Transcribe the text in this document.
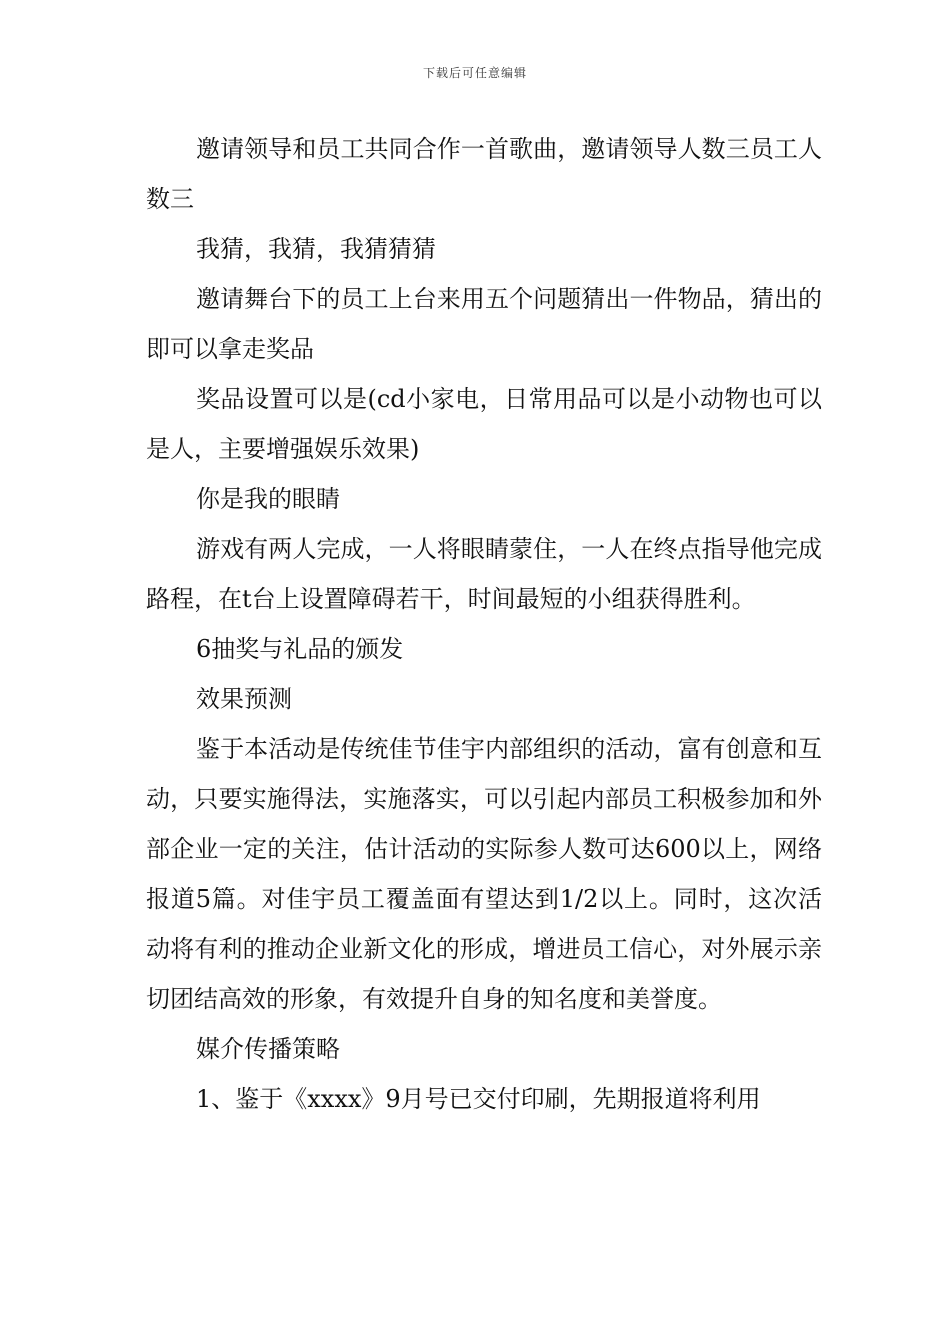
下载后可任意编辑

邀请领导和员工共同合作一首歌曲，邀请领导人数三员工人数三

我猜，我猜，我猜猜猜

邀请舞台下的员工上台来用五个问题猜出一件物品，猜出的即可以拿走奖品

奖品设置可以是(cd小家电，日常用品可以是小动物也可以是人，主要增强娱乐效果)

你是我的眼睛

游戏有两人完成，一人将眼睛蒙住，一人在终点指导他完成路程，在t台上设置障碍若干，时间最短的小组获得胜利。

6抽奖与礼品的颁发

效果预测

鉴于本活动是传统佳节佳宇内部组织的活动，富有创意和互动，只要实施得法，实施落实，可以引起内部员工积极参加和外部企业一定的关注，估计活动的实际参人数可达600以上，网络报道5篇。对佳宇员工覆盖面有望达到1/2以上。同时，这次活动将有利的推动企业新文化的形成，增进员工信心，对外展示亲切团结高效的形象，有效提升自身的知名度和美誉度。

媒介传播策略

1、鉴于《xxxx》9月号已交付印刷，先期报道将利用
